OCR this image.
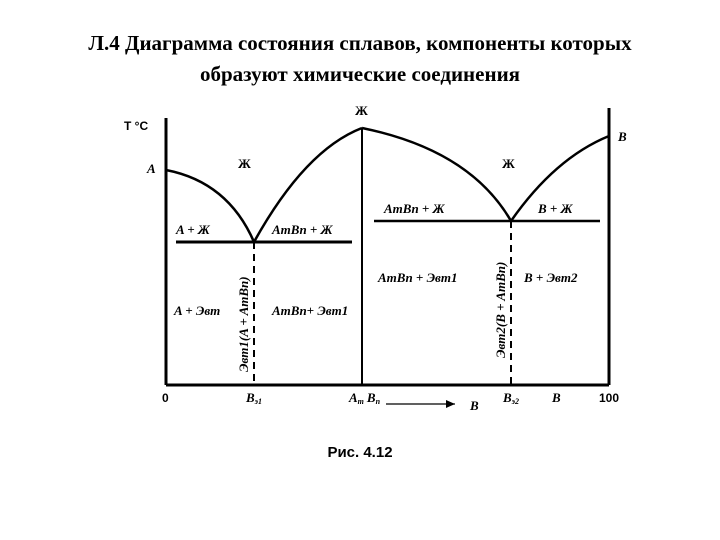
Л.4 Диаграмма состояния сплавов, компоненты которых
образуют химические соединения
T °C
B
A
B
Ж
Ж	Ж
A + Ж	AmBn + Ж
AmBn + Ж	B + Ж
A + Эвт	AmBn+ Эвт1
AmBn + Эвт1	B + Эвт2
Эвт1(A + AmBn)	Эвт2(B + AmBn)
0	Bэ1	Am Bn	Bэ2	B	100
Рис. 4.12
